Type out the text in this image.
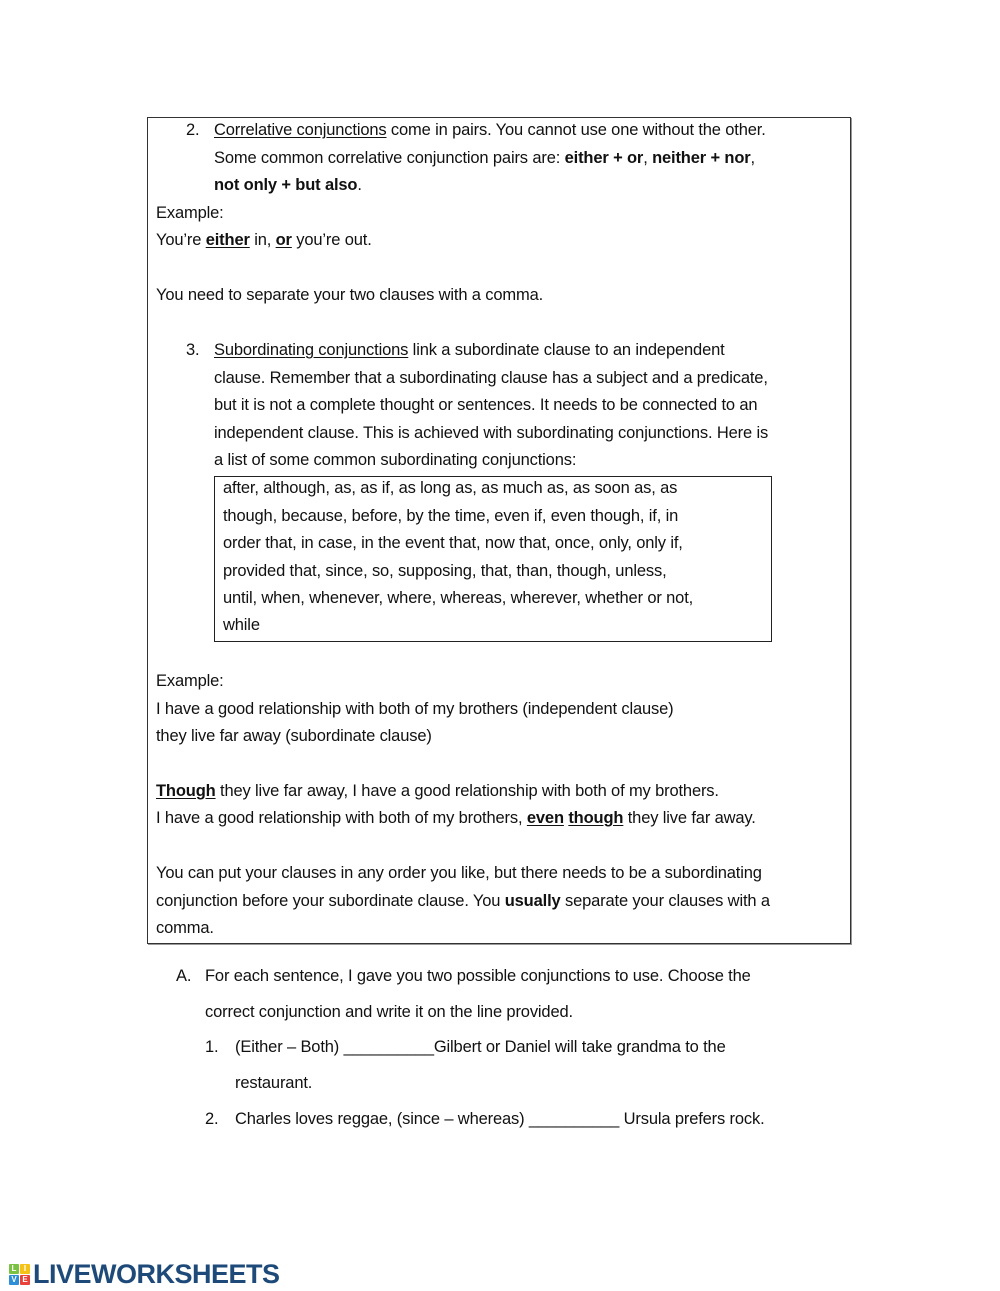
2. Correlative conjunctions come in pairs. You cannot use one without the other.
Some common correlative conjunction pairs are: either + or, neither + nor,
not only + but also.
Example:
You’re either in, or you’re out.
You need to separate your two clauses with a comma.
3. Subordinating conjunctions link a subordinate clause to an independent
clause. Remember that a subordinating clause has a subject and a predicate,
but it is not a complete thought or sentences. It needs to be connected to an
independent clause. This is achieved with subordinating conjunctions. Here is
a list of some common subordinating conjunctions:
after, although, as, as if, as long as, as much as, as soon as, as
though, because, before, by the time, even if, even though, if, in
order that, in case, in the event that, now that, once, only, only if,
provided that, since, so, supposing, that, than, though, unless,
until, when, whenever, where, whereas, wherever, whether or not,
while
Example:
I have a good relationship with both of my brothers (independent clause)
they live far away (subordinate clause)
Though they live far away, I have a good relationship with both of my brothers.
I have a good relationship with both of my brothers, even though they live far away.
You can put your clauses in any order you like, but there needs to be a subordinating
conjunction before your subordinate clause. You usually separate your clauses with a
comma.
A. For each sentence, I gave you two possible conjunctions to use. Choose the
correct conjunction and write it on the line provided.
1. (Either – Both) __________Gilbert or Daniel will take grandma to the
restaurant.
2. Charles loves reggae, (since – whereas) __________ Ursula prefers rock.
L I
V E LIVEWORKSHEETS
